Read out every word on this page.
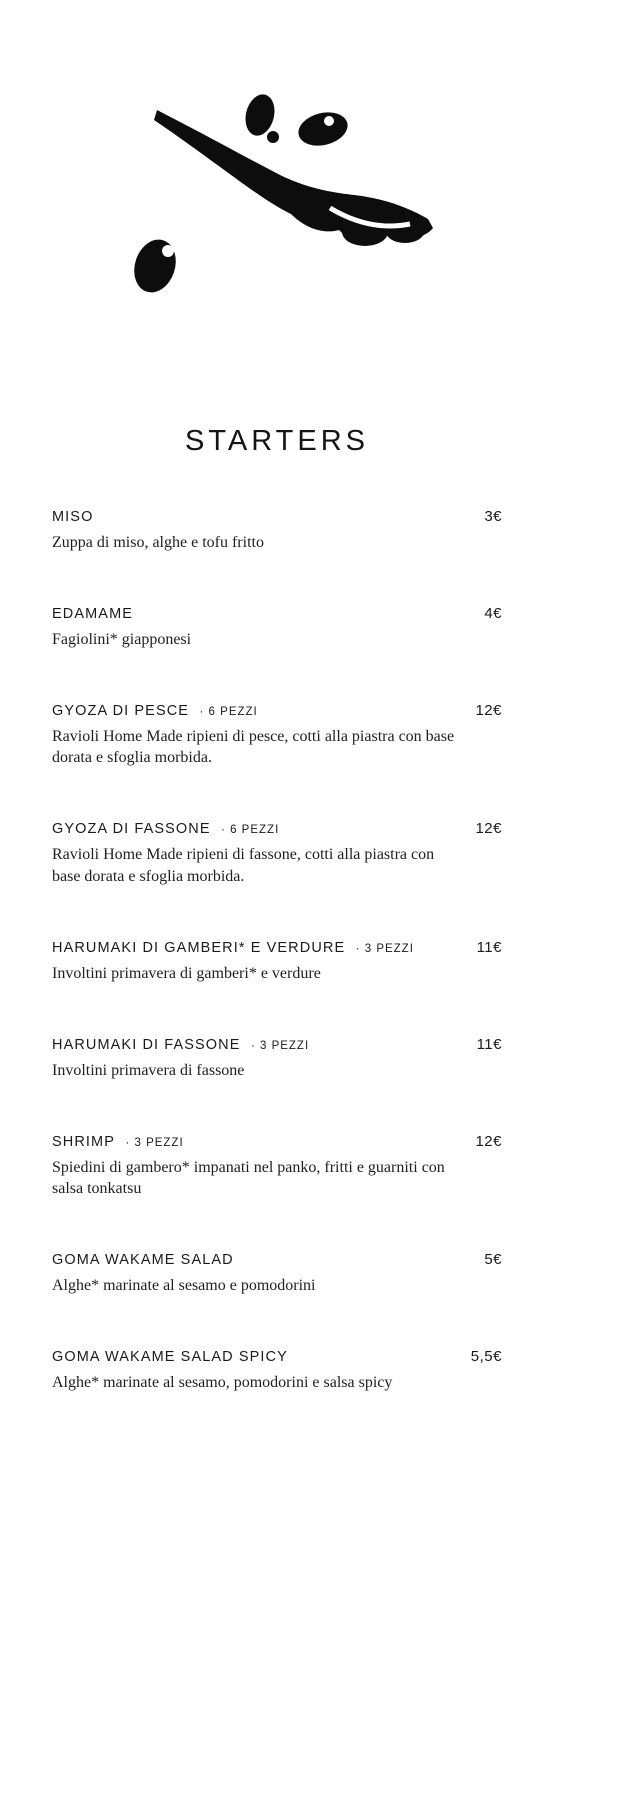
STARTERS
MISO	3€
Zuppa di miso, alghe e tofu fritto
EDAMAME	4€
Fagiolini* giapponesi
GYOZA DI PESCE · 6 PEZZI	12€
Ravioli Home Made ripieni di pesce, cotti alla piastra con base dorata e sfoglia morbida.
GYOZA DI FASSONE · 6 PEZZI	12€
Ravioli Home Made ripieni di fassone, cotti alla piastra con base dorata e sfoglia morbida.
HARUMAKI DI GAMBERI* E VERDURE · 3 PEZZI	11€
Involtini primavera di gamberi* e verdure
HARUMAKI DI FASSONE · 3 PEZZI	11€
Involtini primavera di fassone
SHRIMP · 3 PEZZI	12€
Spiedini di gambero* impanati nel panko, fritti e guarniti con salsa tonkatsu
GOMA WAKAME SALAD	5€
Alghe* marinate al sesamo e pomodorini
GOMA WAKAME SALAD SPICY	5,5€
Alghe* marinate al sesamo, pomodorini e salsa spicy
